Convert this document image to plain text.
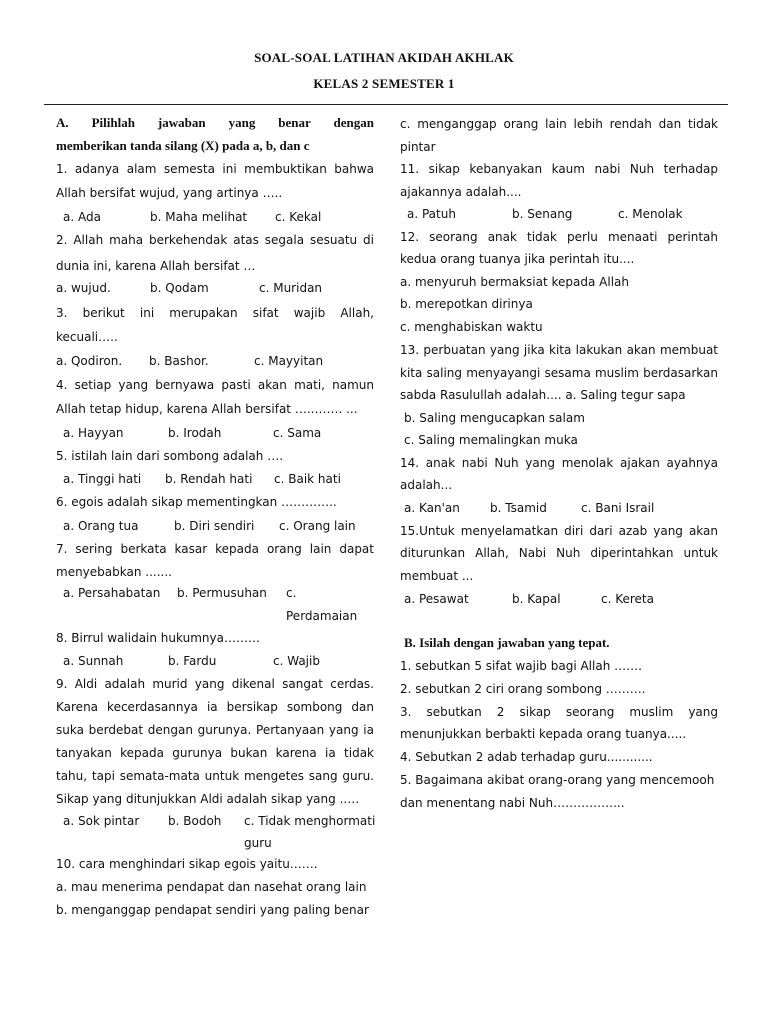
SOAL-SOAL LATIHAN AKIDAH AKHLAK
KELAS 2 SEMESTER 1
A. Pilihlah jawaban yang benar dengan
memberikan tanda silang (X) pada a, b, dan c
1. adanya alam semesta ini membuktikan bahwa
Allah bersifat wujud, yang artinya …..
a. Ada	b. Maha melihat c. Kekal
2. Allah maha berkehendak atas segala sesuatu di
dunia ini, karena Allah bersifat …
a. wujud.	b. Qodam	c. Muridan
3. berikut ini merupakan sifat wajib Allah,
kecuali…..
a. Qodiron. b. Bashor.	c. Mayyitan
4. setiap yang bernyawa pasti akan mati, namun
Allah tetap hidup, karena Allah bersifat …..……. ...
a. Hayyan	b. Irodah	c. Sama
5. istilah lain dari sombong adalah ….
a. Tinggi hati b. Rendah hati c. Baik hati
6. egois adalah sikap mementingkan …………..
a. Orang tua	b. Diri sendiri c. Orang lain
7. sering berkata kasar kepada orang lain dapat
menyebabkan .......
a. Persahabatan b. Permusuhan c.
Perdamaian
8. Birrul walidain hukumnya………
a. Sunnah	b. Fardu	c. Wajib
9. Aldi adalah murid yang dikenal sangat cerdas.
Karena kecerdasannya ia bersikap sombong dan
suka berdebat dengan gurunya. Pertanyaan yang ia
tanyakan kepada gurunya bukan karena ia tidak
tahu, tapi semata-mata untuk mengetes sang guru.
Sikap yang ditunjukkan Aldi adalah sikap yang ..…
a. Sok pintar b. Bodoh c. Tidak menghormati
guru
10. cara menghindari sikap egois yaitu…….
a. mau menerima pendapat dan nasehat orang lain
b. menganggap pendapat sendiri yang paling benar
c. menganggap orang lain lebih rendah dan tidak
pintar
11. sikap kebanyakan kaum nabi Nuh terhadap
ajakannya adalah....
a. Patuh	b. Senang	c. Menolak
12. seorang anak tidak perlu menaati perintah
kedua orang tuanya jika perintah itu....
a. menyuruh bermaksiat kepada Allah
b. merepotkan dirinya
c. menghabiskan waktu
13. perbuatan yang jika kita lakukan akan membuat
kita saling menyayangi sesama muslim berdasarkan
sabda Rasulullah adalah.... a. Saling tegur sapa
b. Saling mengucapkan salam
c. Saling memalingkan muka
14. anak nabi Nuh yang menolak ajakan ayahnya
adalah...
a. Kan'an	b. Tsamid	c. Bani Israil
15.Untuk menyelamatkan diri dari azab yang akan
diturunkan Allah, Nabi Nuh diperintahkan untuk
membuat ...
a. Pesawat	b. Kapal	c. Kereta
B. Isilah dengan jawaban yang tepat.
1. sebutkan 5 sifat wajib bagi Allah …….
2. sebutkan 2 ciri orang sombong ……….
3. sebutkan 2 sikap seorang muslim yang
menunjukkan berbakti kepada orang tuanya.....
4. Sebutkan 2 adab terhadap guru............
5. Bagaimana akibat orang-orang yang mencemooh
dan menentang nabi Nuh……………...
